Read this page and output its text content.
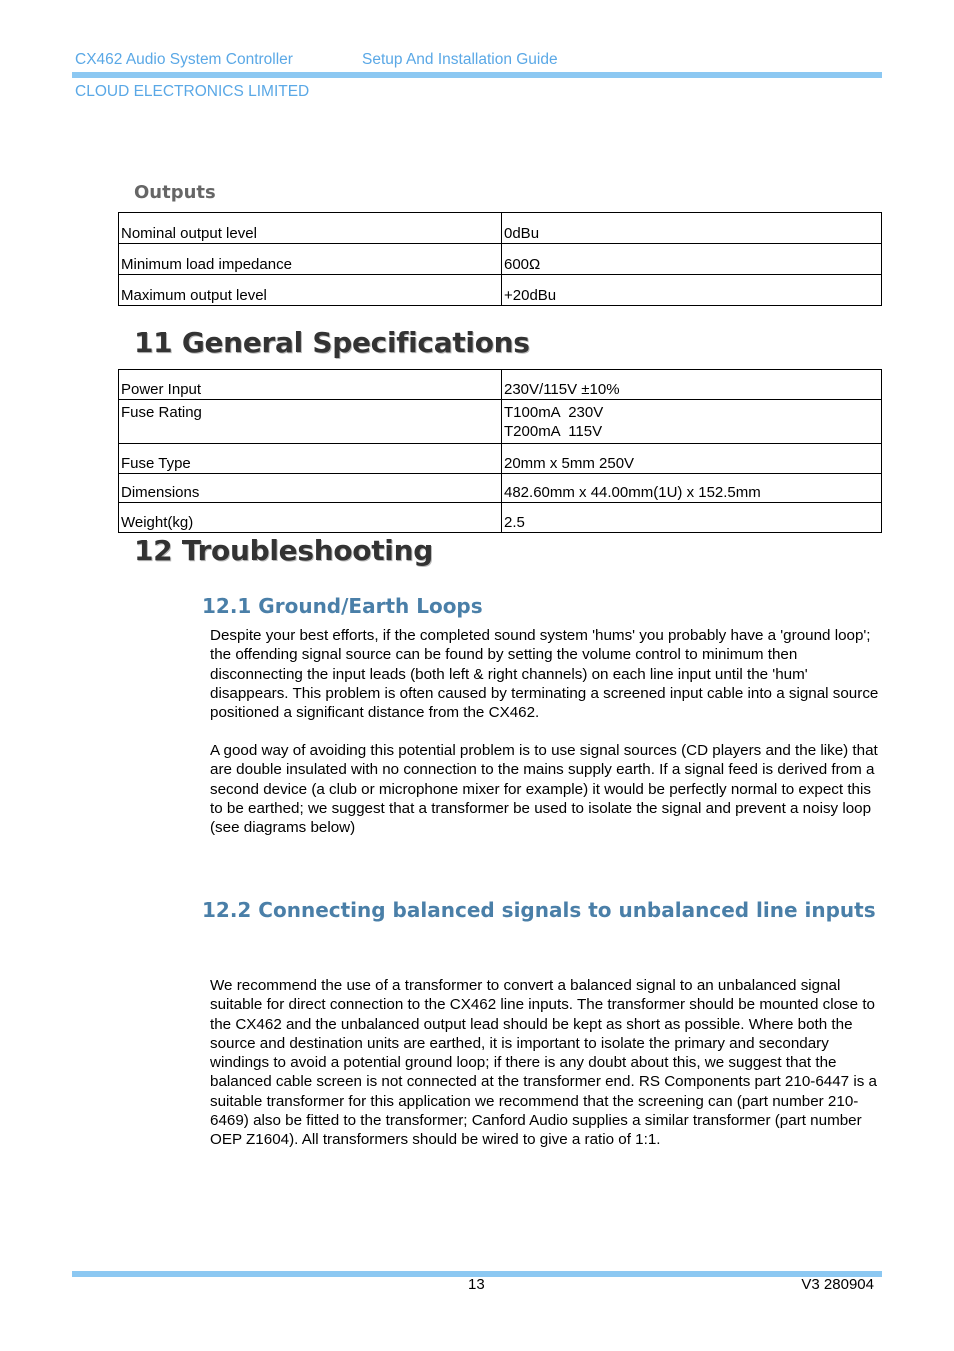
CX462 Audio System Controller	Setup And Installation Guide
CLOUD ELECTRONICS LIMITED
Outputs
Nominal output level	0dBu
Minimum load impedance	600Ω
Maximum output level	+20dBu
11 General Specifications
Power Input	230V/115V ±10%
Fuse Rating	T100mA  230V
T200mA  115V

Fuse Type	20mm x 5mm 250V
Dimensions	482.60mm x 44.00mm(1U) x 152.5mm
Weight(kg)	2.5
12 Troubleshooting
12.1 Ground/Earth Loops

Despite your best efforts, if the completed sound system 'hums' you probably have a 'ground loop'; the offending signal source can be found by setting the volume control to minimum then disconnecting the input leads (both left & right channels) on each line input until the 'hum' disappears. This problem is often caused by terminating a screened input cable into a signal source positioned a significant distance from the CX462.

A good way of avoiding this potential problem is to use signal sources (CD players and the like) that are double insulated with no connection to the mains supply earth. If a signal feed is derived from a second device (a club or microphone mixer for example) it would be perfectly normal to expect this to be earthed; we suggest that a transformer be used to isolate the signal and prevent a noisy loop (see diagrams below)

12.2 Connecting balanced signals to unbalanced line inputs

We recommend the use of a transformer to convert a balanced signal to an unbalanced signal suitable for direct connection to the CX462 line inputs. The transformer should be mounted close to the CX462 and the unbalanced output lead should be kept as short as possible. Where both the source and destination units are earthed, it is important to isolate the primary and secondary windings to avoid a potential ground loop; if there is any doubt about this, we suggest that the balanced cable screen is not connected at the transformer end. RS Components part 210-6447 is a suitable transformer for this application we recommend that the screening can (part number 210-6469) also be fitted to the transformer; Canford Audio supplies a similar transformer (part number OEP Z1604). All transformers should be wired to give a ratio of 1:1.

13	V3 280904
